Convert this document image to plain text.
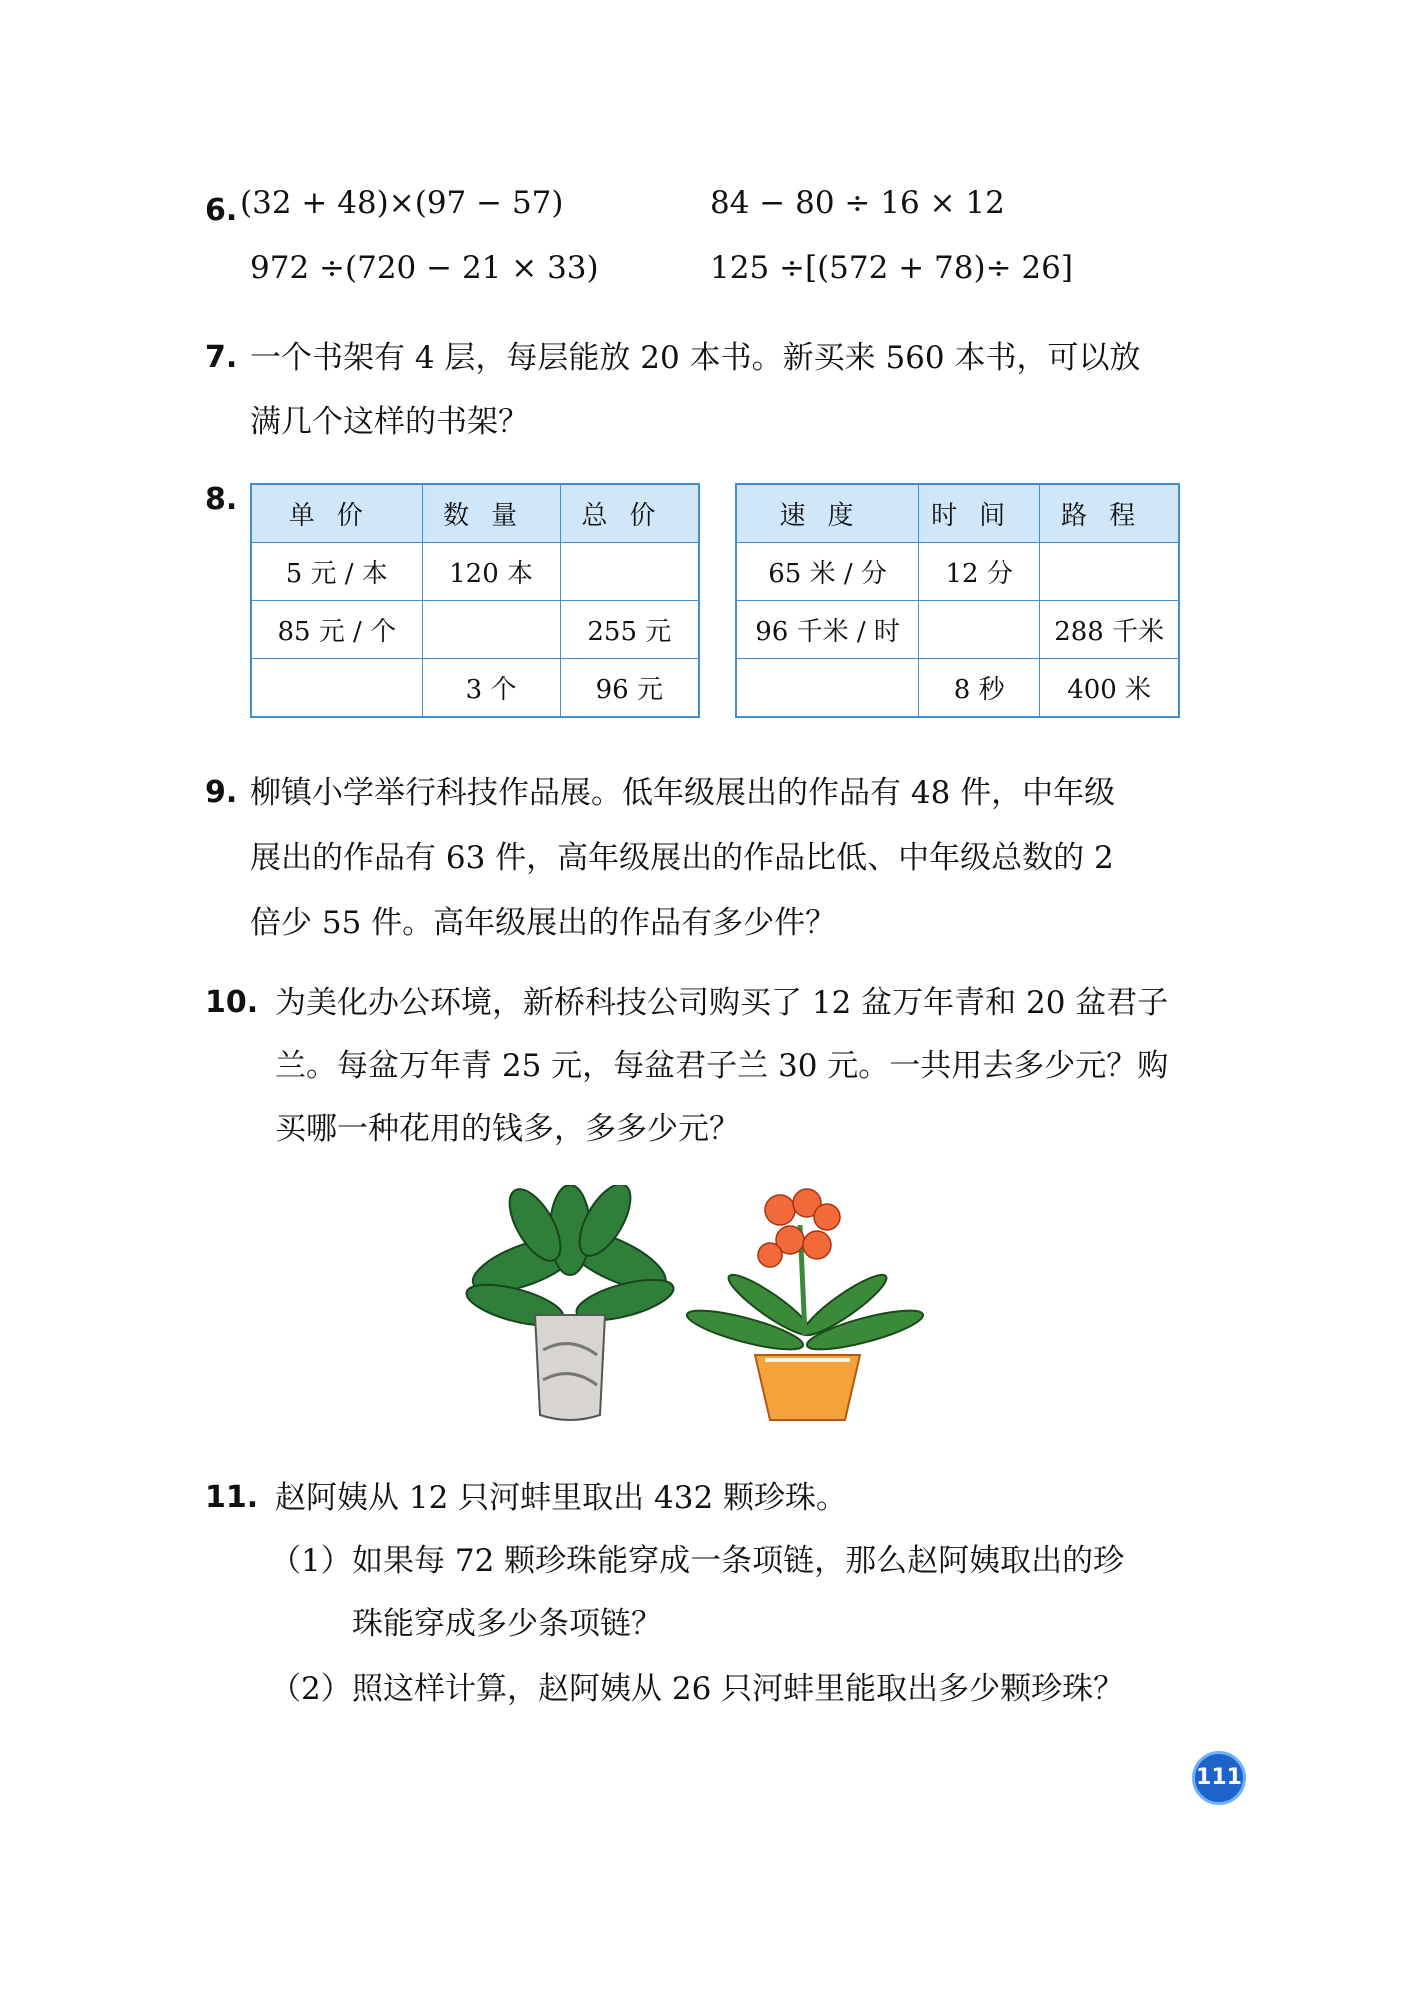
6. (32 + 48)×(97 − 57)	84 − 80 ÷ 16 × 12
972 ÷(720 − 21 × 33)	125 ÷[(572 + 78)÷ 26]
7. 一个书架有 4 层，每层能放 20 本书。新买来 560 本书，可以放
满几个这样的书架？
8. 单价	数量	总价
5 元 / 本	120 本	
85 元 / 个		255 元
	3 个	96 元
速度	时间	路程
65 米 / 分	12 分	
96 千米 / 时		288 千米
	8 秒	400 米
9. 柳镇小学举行科技作品展。低年级展出的作品有 48 件，中年级
展出的作品有 63 件，高年级展出的作品比低、中年级总数的 2
倍少 55 件。高年级展出的作品有多少件？
10. 为美化办公环境，新桥科技公司购买了 12 盆万年青和 20 盆君子
兰。每盆万年青 25 元，每盆君子兰 30 元。一共用去多少元？购
买哪一种花用的钱多，多多少元？
11. 赵阿姨从 12 只河蚌里取出 432 颗珍珠。
（1） 如果每 72 颗珍珠能穿成一条项链，那么赵阿姨取出的珍
珠能穿成多少条项链？
（2） 照这样计算，赵阿姨从 26 只河蚌里能取出多少颗珍珠？
111
